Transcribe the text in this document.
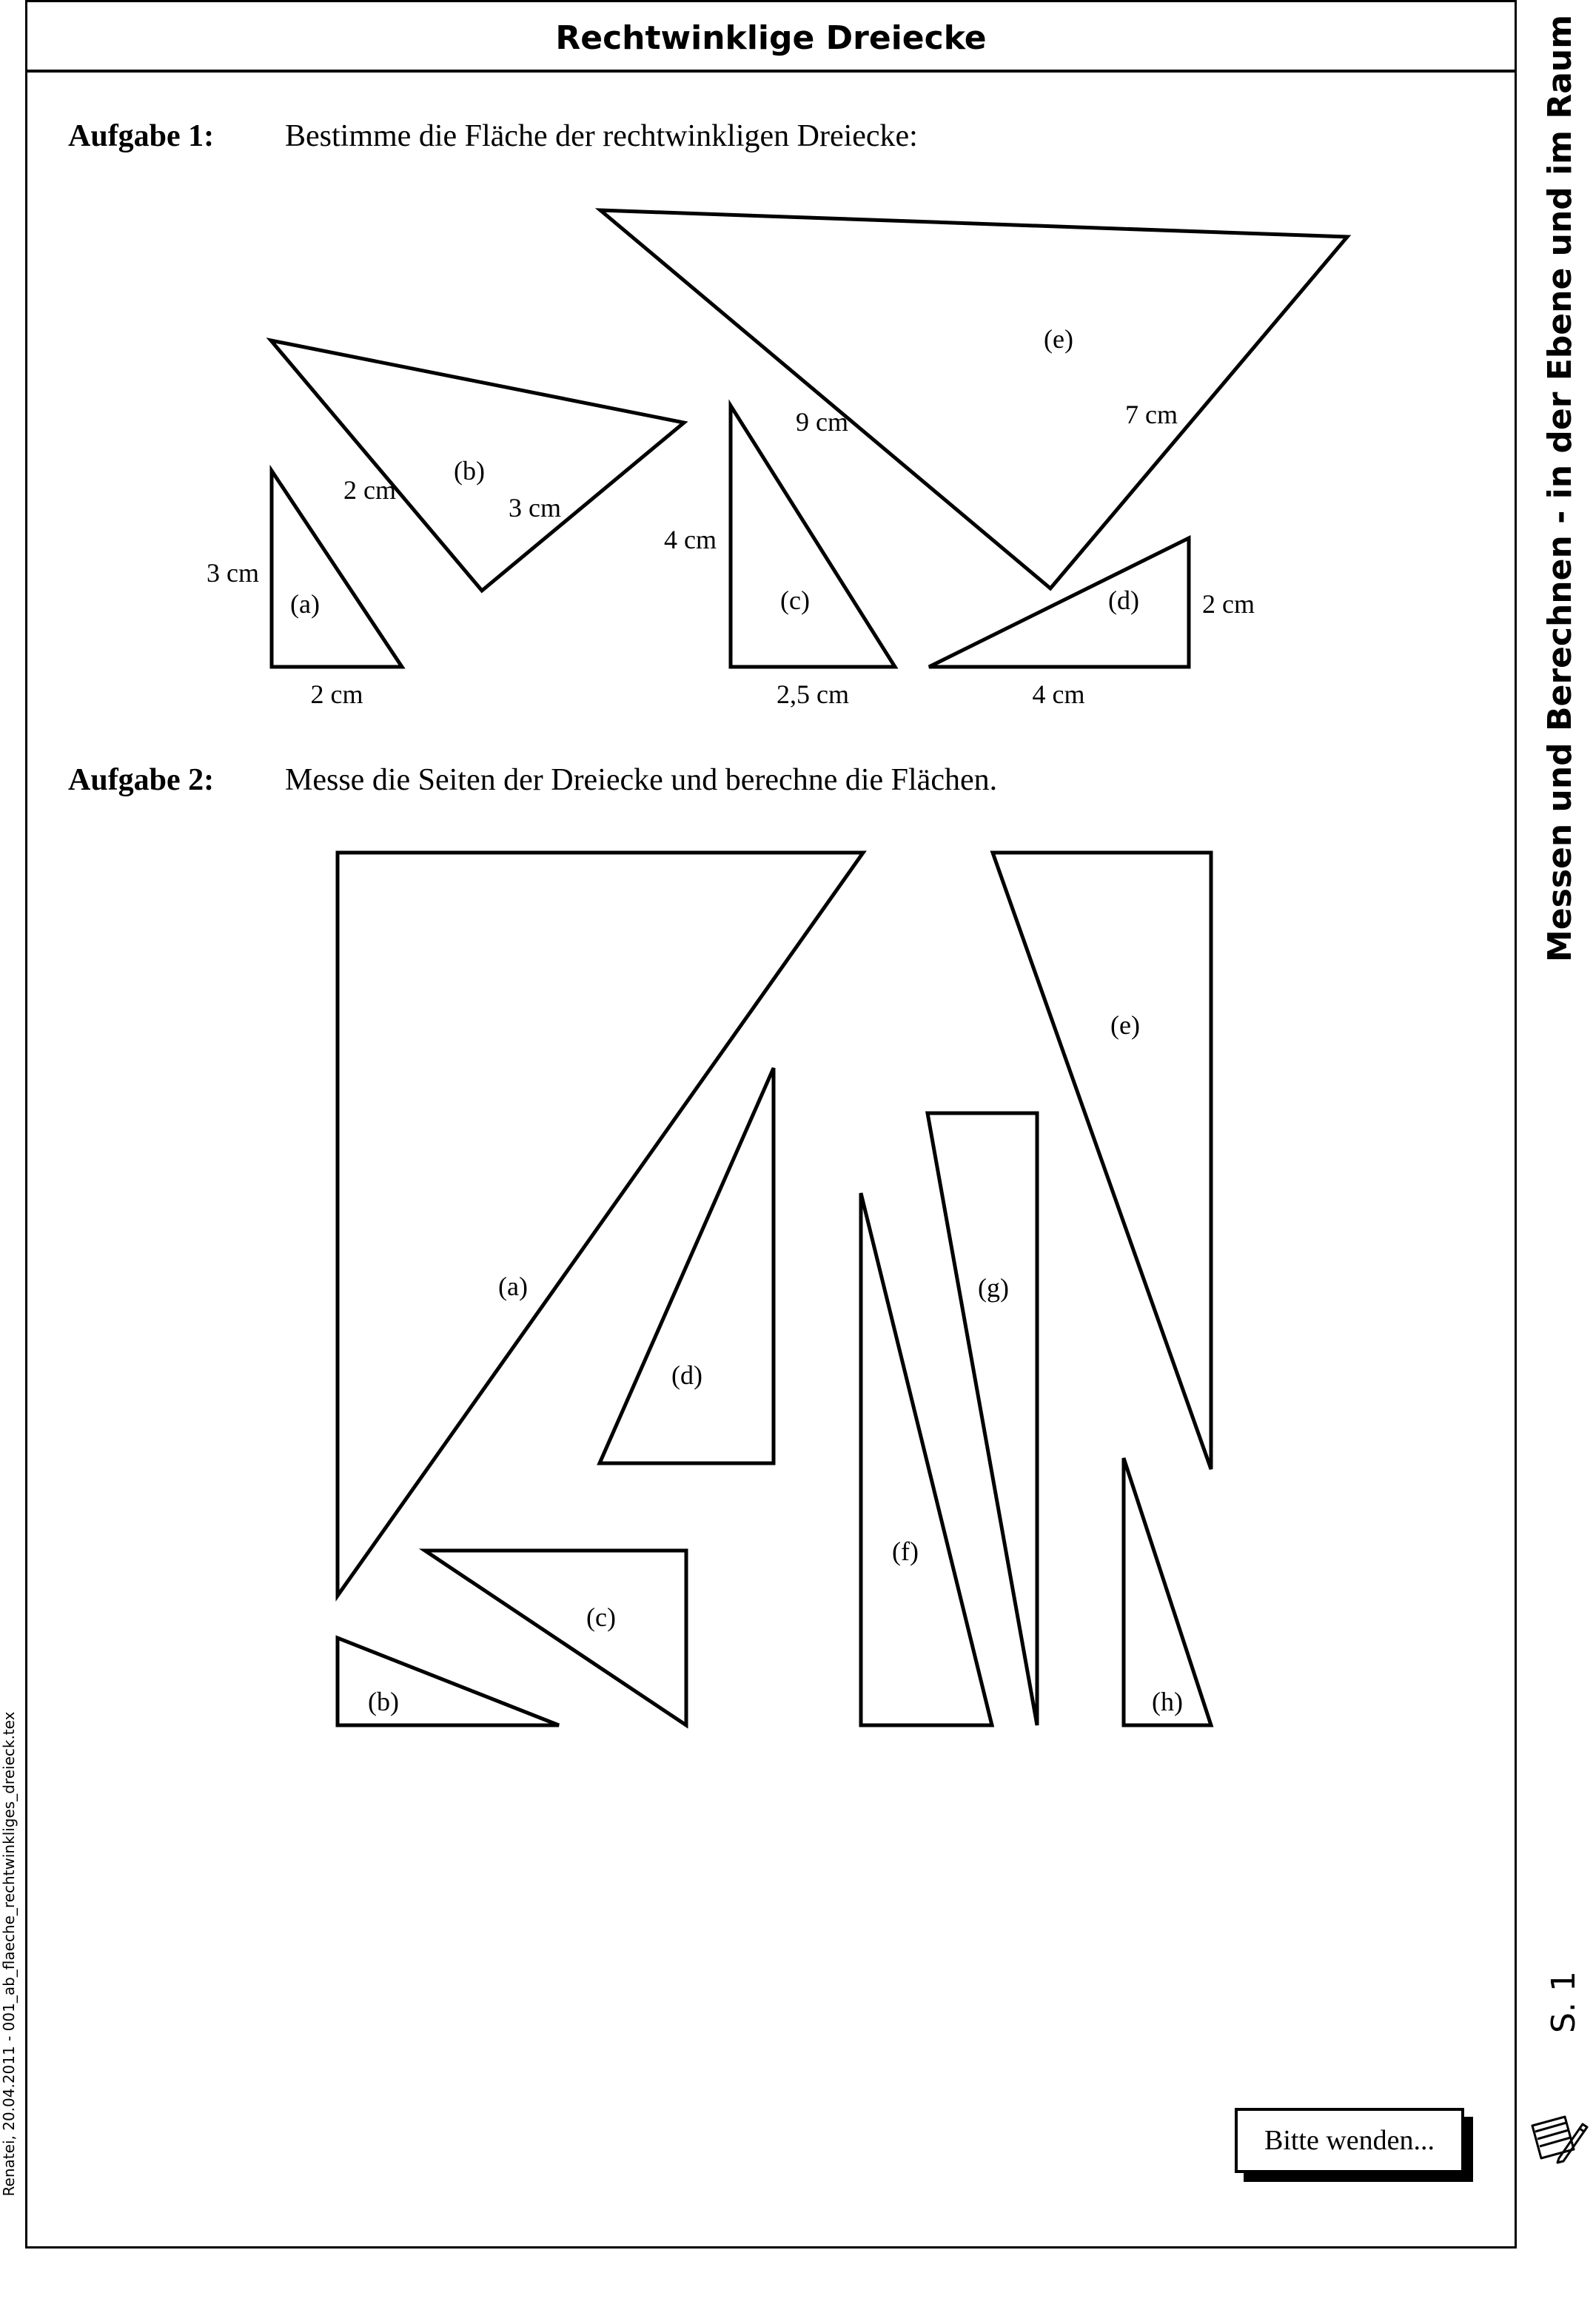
Rechtwinklige Dreiecke
Aufgabe 1: Bestimme die Fläche der rechtwinkligen Dreiecke:
(a)
3 cm
2 cm
(b)
2 cm
3 cm
(c)
4 cm
2,5 cm
(d) 2 cm
4 cm
(e)
9 cm	7 cm
(a)
(b)
(c)
(d)
(e)
(f)
(g)
(h)
Aufgabe 2: Messe die Seiten der Dreiecke und berechne die Flächen.	Messen und Berechnen - in der Ebene und im Raum
S. 1
Renatei, 20.04.2011 - 001_ab_flaeche_rechtwinkliges_dreieck.tex	Bitte wenden...
